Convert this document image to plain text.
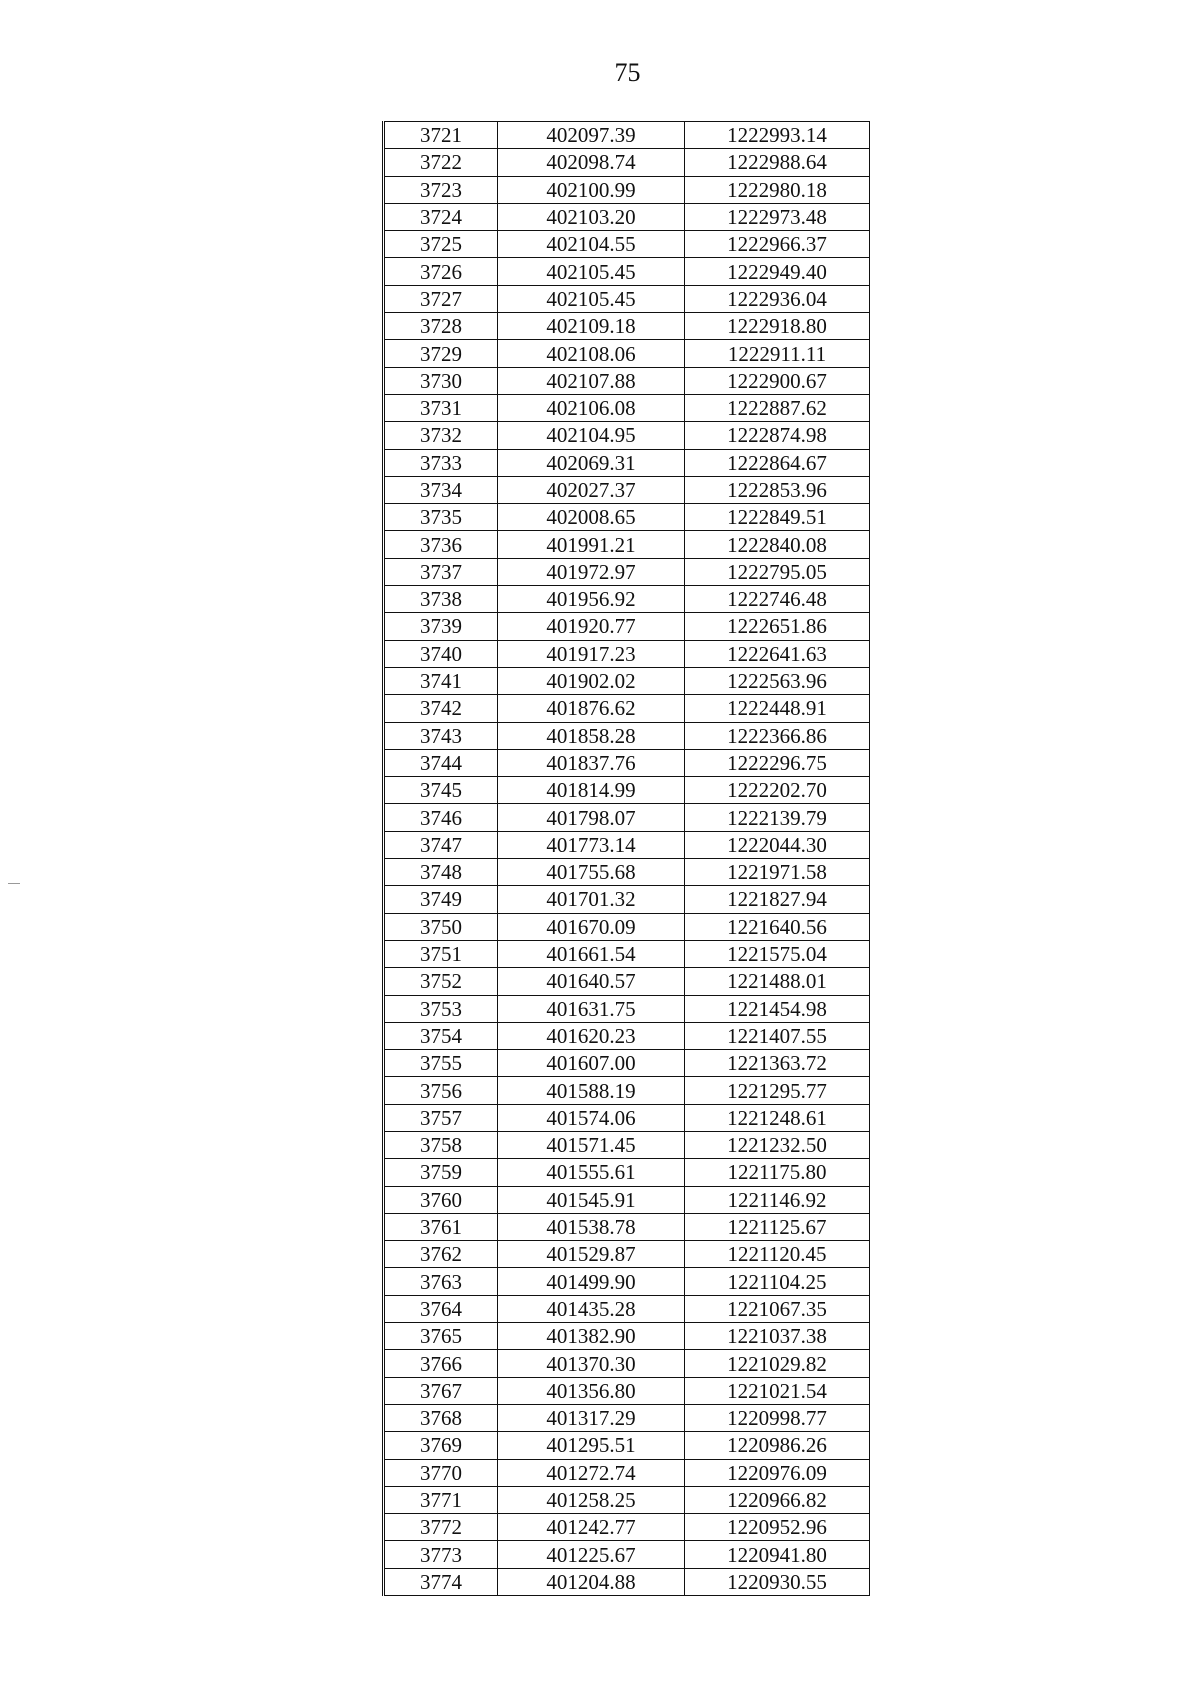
75
3721	402097.39	1222993.14
3722	402098.74	1222988.64
3723	402100.99	1222980.18
3724	402103.20	1222973.48
3725	402104.55	1222966.37
3726	402105.45	1222949.40
3727	402105.45	1222936.04
3728	402109.18	1222918.80
3729	402108.06	1222911.11
3730	402107.88	1222900.67
3731	402106.08	1222887.62
3732	402104.95	1222874.98
3733	402069.31	1222864.67
3734	402027.37	1222853.96
3735	402008.65	1222849.51
3736	401991.21	1222840.08
3737	401972.97	1222795.05
3738	401956.92	1222746.48
3739	401920.77	1222651.86
3740	401917.23	1222641.63
3741	401902.02	1222563.96
3742	401876.62	1222448.91
3743	401858.28	1222366.86
3744	401837.76	1222296.75
3745	401814.99	1222202.70
3746	401798.07	1222139.79
3747	401773.14	1222044.30
3748	401755.68	1221971.58
3749	401701.32	1221827.94
3750	401670.09	1221640.56
3751	401661.54	1221575.04
3752	401640.57	1221488.01
3753	401631.75	1221454.98
3754	401620.23	1221407.55
3755	401607.00	1221363.72
3756	401588.19	1221295.77
3757	401574.06	1221248.61
3758	401571.45	1221232.50
3759	401555.61	1221175.80
3760	401545.91	1221146.92
3761	401538.78	1221125.67
3762	401529.87	1221120.45
3763	401499.90	1221104.25
3764	401435.28	1221067.35
3765	401382.90	1221037.38
3766	401370.30	1221029.82
3767	401356.80	1221021.54
3768	401317.29	1220998.77
3769	401295.51	1220986.26
3770	401272.74	1220976.09
3771	401258.25	1220966.82
3772	401242.77	1220952.96
3773	401225.67	1220941.80
3774	401204.88	1220930.55
